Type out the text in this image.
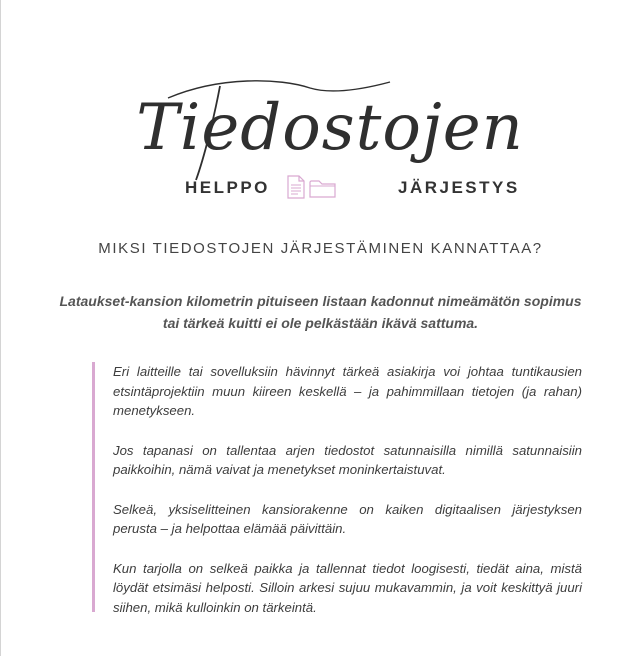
Tiedostojen
HELPPO	JÄRJESTYS
MIKSI TIEDOSTOJEN JÄRJESTÄMINEN KANNATTAA?
Lataukset-kansion kilometrin pituiseen listaan kadonnut nimeämätön sopimus tai tärkeä kuitti ei ole pelkästään ikävä sattuma.

Eri laitteille tai sovelluksiin hävinnyt tärkeä asiakirja voi johtaa tuntikausien etsintäprojektiin muun kiireen keskellä – ja pahimmillaan tietojen (ja rahan) menetykseen.

Jos tapanasi on tallentaa arjen tiedostot satunnaisilla nimillä satunnaisiin paikkoihin, nämä vaivat ja menetykset moninkertaistuvat.

Selkeä, yksiselitteinen kansiorakenne on kaiken digitaalisen järjestyksen perusta – ja helpottaa elämää päivittäin.

Kun tarjolla on selkeä paikka ja tallennat tiedot loogisesti, tiedät aina, mistä löydät etsimäsi helposti. Silloin arkesi sujuu mukavammin, ja voit keskittyä juuri siihen, mikä kulloinkin on tärkeintä.
